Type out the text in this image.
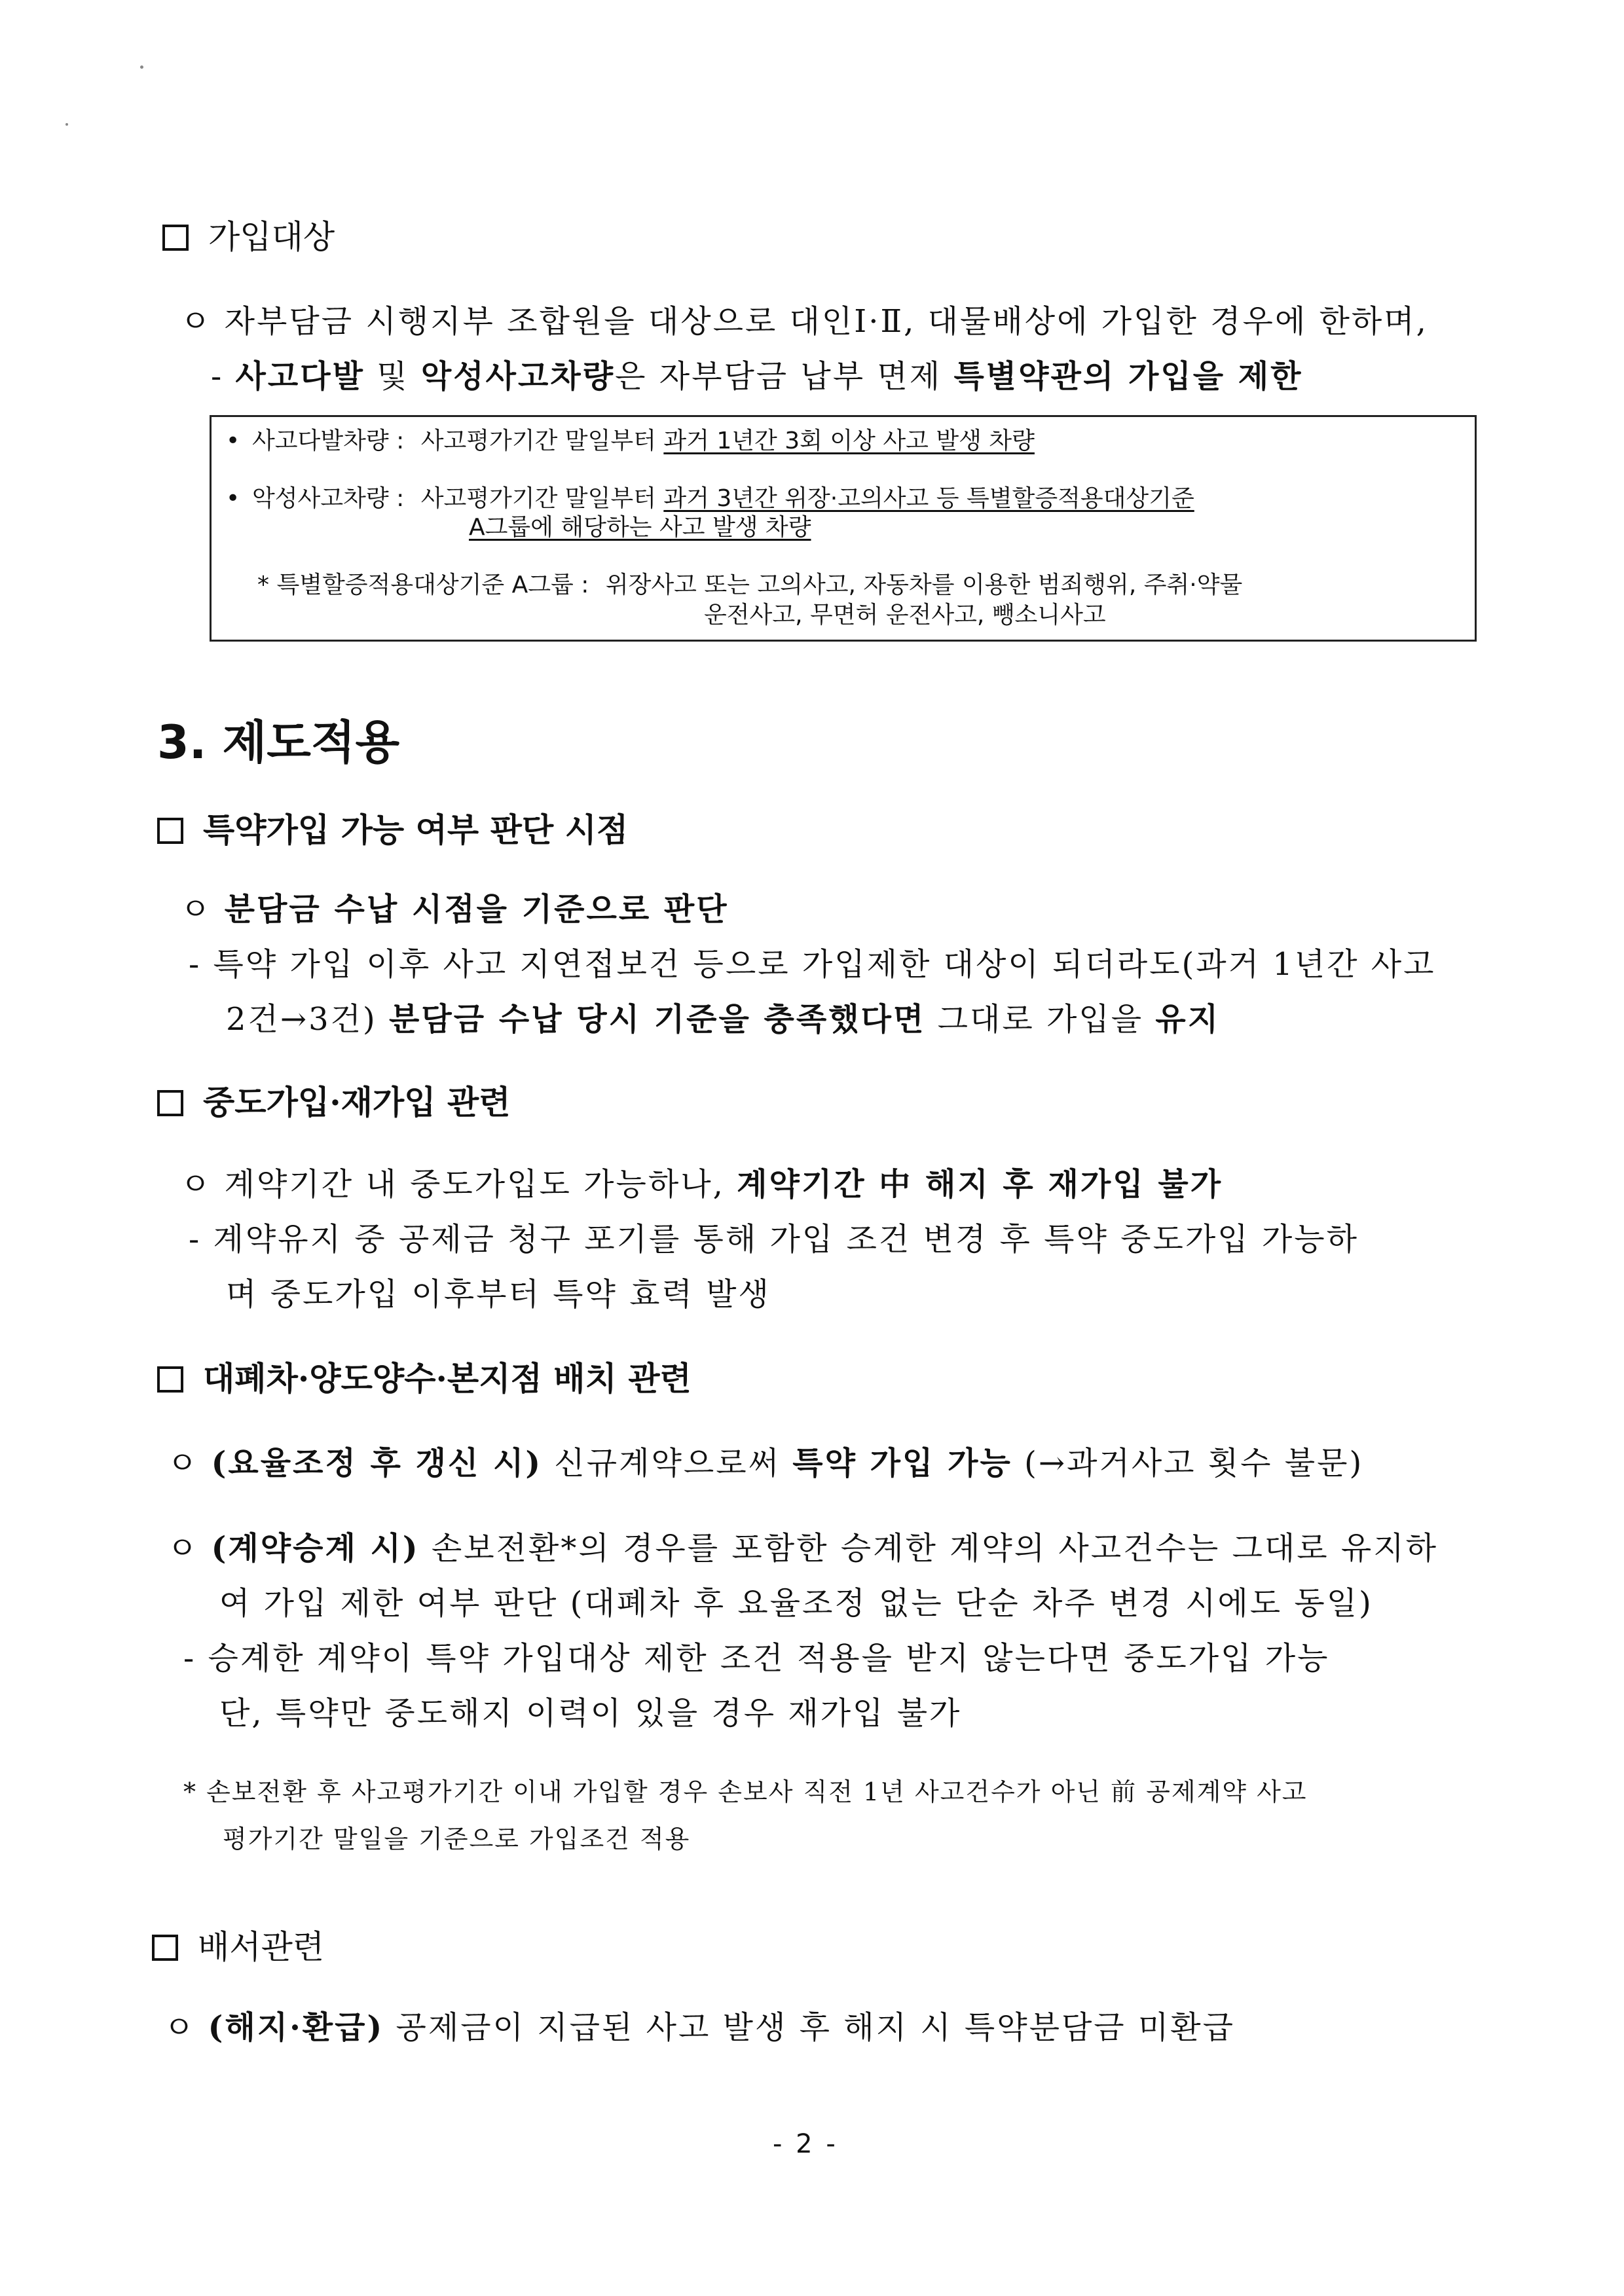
가입대상
ㅇ 자부담금 시행지부 조합원을 대상으로 대인Ⅰ·Ⅱ, 대물배상에 가입한 경우에 한하며,
- 사고다발 및 악성사고차량은 자부담금 납부 면제 특별약관의 가입을 제한
• 사고다발차량 : 사고평가기간 말일부터 과거 1년간 3회 이상 사고 발생 차량
• 악성사고차량 : 사고평가기간 말일부터 과거 3년간 위장·고의사고 등 특별할증적용대상기준
A그룹에 해당하는 사고 발생 차량
* 특별할증적용대상기준 A그룹 : 위장사고 또는 고의사고, 자동차를 이용한 범죄행위, 주취·약물
운전사고, 무면허 운전사고, 뺑소니사고
3. 제도적용
특약가입 가능 여부 판단 시점
ㅇ 분담금 수납 시점을 기준으로 판단
- 특약 가입 이후 사고 지연접보건 등으로 가입제한 대상이 되더라도(과거 1년간 사고
2건→3건) 분담금 수납 당시 기준을 충족했다면 그대로 가입을 유지
중도가입·재가입 관련
ㅇ 계약기간 내 중도가입도 가능하나, 계약기간 中 해지 후 재가입 불가
- 계약유지 중 공제금 청구 포기를 통해 가입 조건 변경 후 특약 중도가입 가능하
며 중도가입 이후부터 특약 효력 발생
대폐차·양도양수·본지점 배치 관련
ㅇ (요율조정 후 갱신 시) 신규계약으로써 특약 가입 가능 (→과거사고 횟수 불문)
ㅇ (계약승계 시) 손보전환*의 경우를 포함한 승계한 계약의 사고건수는 그대로 유지하
여 가입 제한 여부 판단 (대폐차 후 요율조정 없는 단순 차주 변경 시에도 동일)
- 승계한 계약이 특약 가입대상 제한 조건 적용을 받지 않는다면 중도가입 가능
단, 특약만 중도해지 이력이 있을 경우 재가입 불가
* 손보전환 후 사고평가기간 이내 가입할 경우 손보사 직전 1년 사고건수가 아닌 前 공제계약 사고
평가기간 말일을 기준으로 가입조건 적용
배서관련
ㅇ (해지·환급) 공제금이 지급된 사고 발생 후 해지 시 특약분담금 미환급
- 2 -
